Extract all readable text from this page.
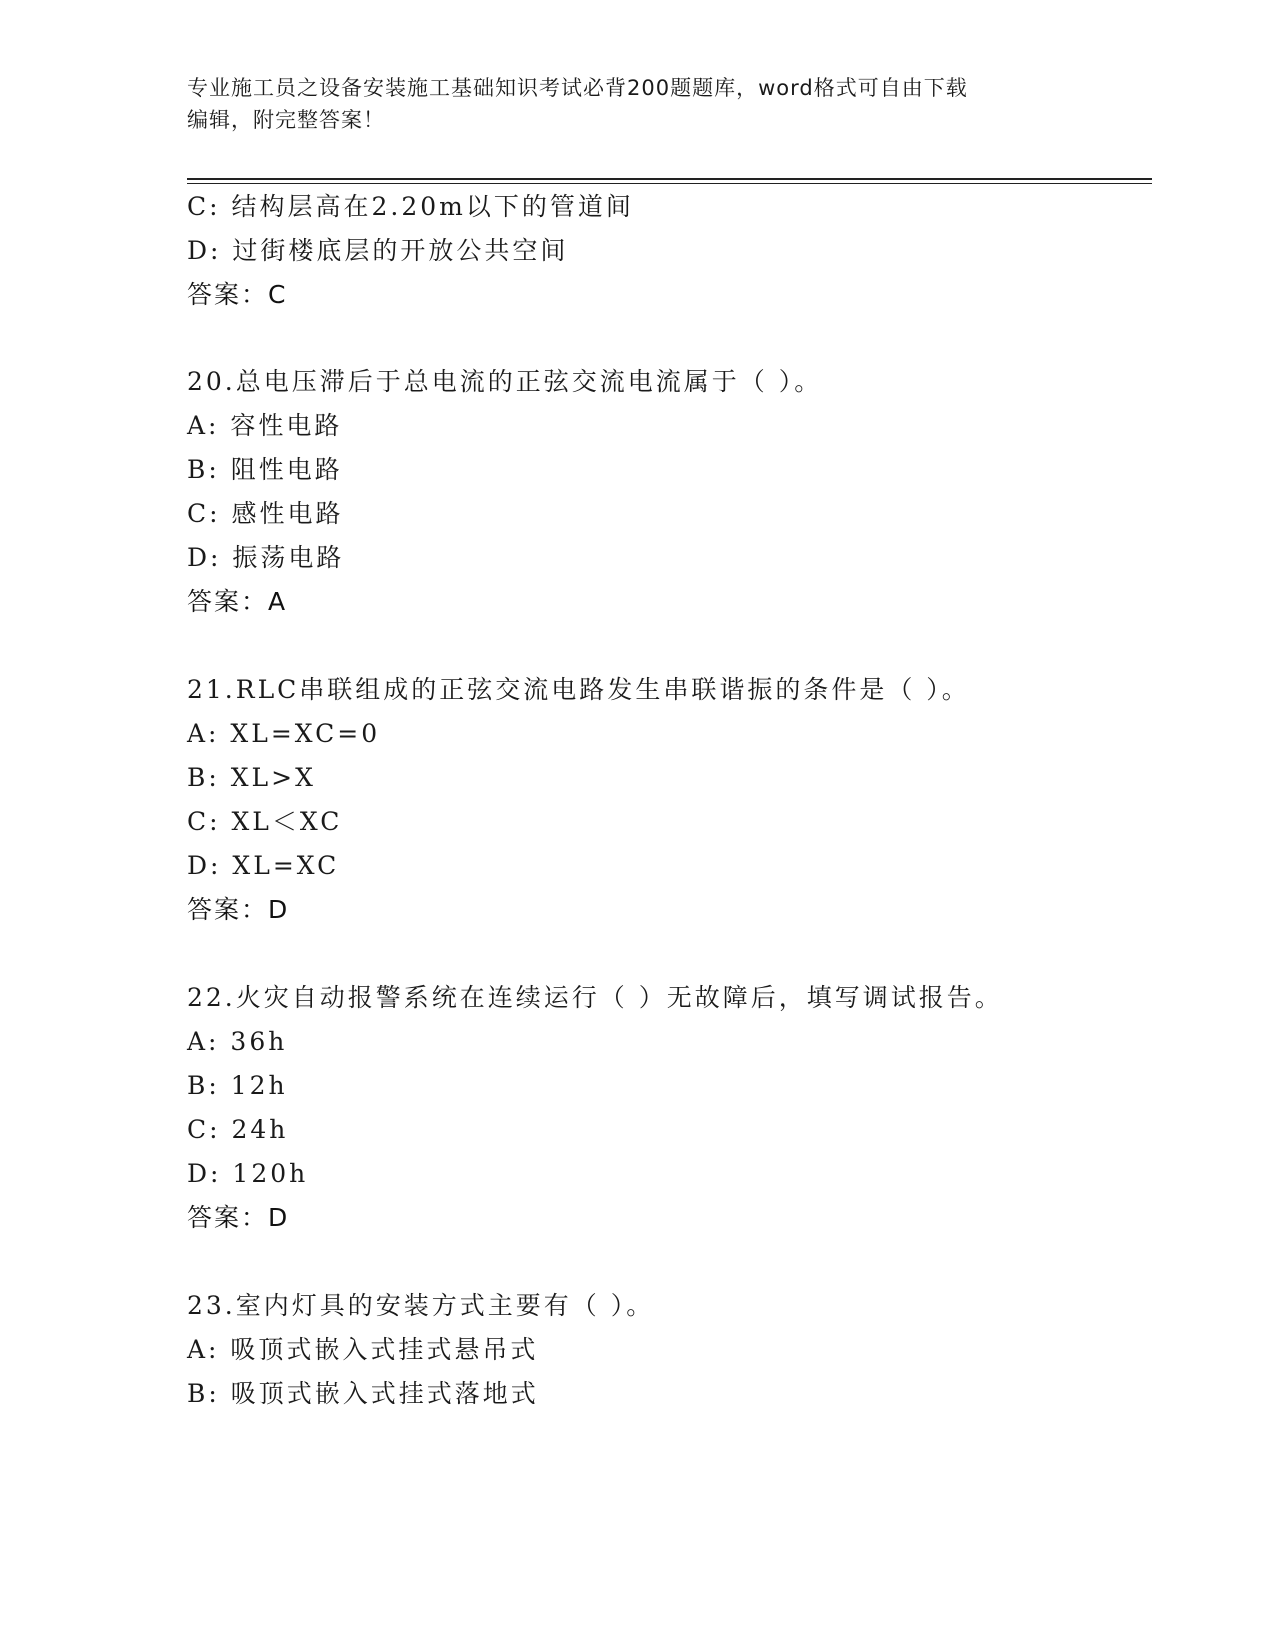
专业施工员之设备安装施工基础知识考试必背200题题库，word格式可自由下载
编辑，附完整答案！
C: 结构层高在2.20m以下的管道间
D: 过街楼底层的开放公共空间
答案：C
20.总电压滞后于总电流的正弦交流电流属于（ ）。
A: 容性电路
B: 阻性电路
C: 感性电路
D: 振荡电路
答案：A
21.RLC串联组成的正弦交流电路发生串联谐振的条件是（ ）。
A: XL=XC=0
B: XL>X
C: XL＜XC
D: XL=XC
答案：D
22.火灾自动报警系统在连续运行（ ）无故障后，填写调试报告。
A: 36h
B: 12h
C: 24h
D: 120h
答案：D
23.室内灯具的安装方式主要有（ ）。
A: 吸顶式嵌入式挂式悬吊式
B: 吸顶式嵌入式挂式落地式
